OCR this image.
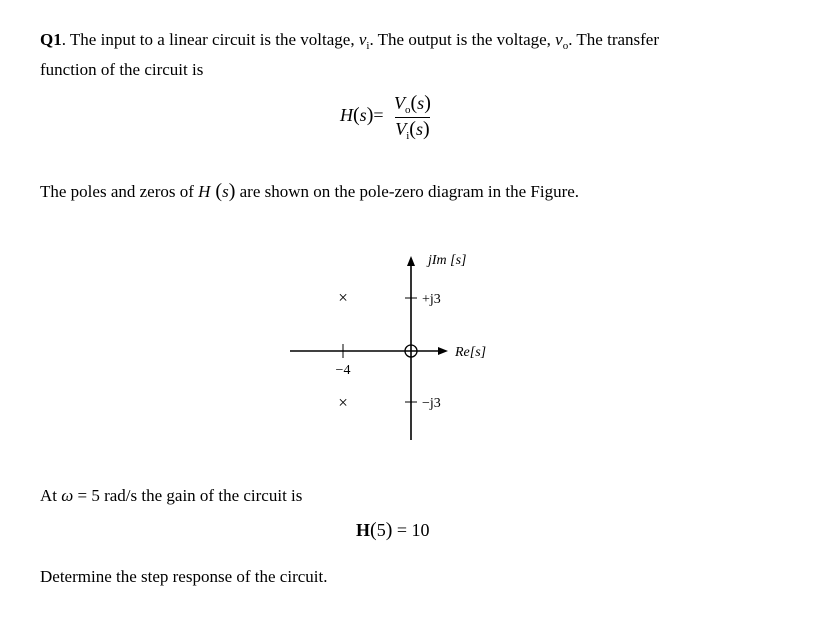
Q1. The input to a linear circuit is the voltage, $v_i$. The output is the voltage, $v_o$. The transfer
function of the circuit is
H(s)=
$V_o(s)$
$V_i(s)$
The poles and zeros of H (s) are shown on the pole-zero diagram in the Figure.
×
×
jIm [s]
Re[s]
+j3
−j3
−4
At ω = 5 rad/s the gain of the circuit is
H(5) = 10
Determine the step response of the circuit.
